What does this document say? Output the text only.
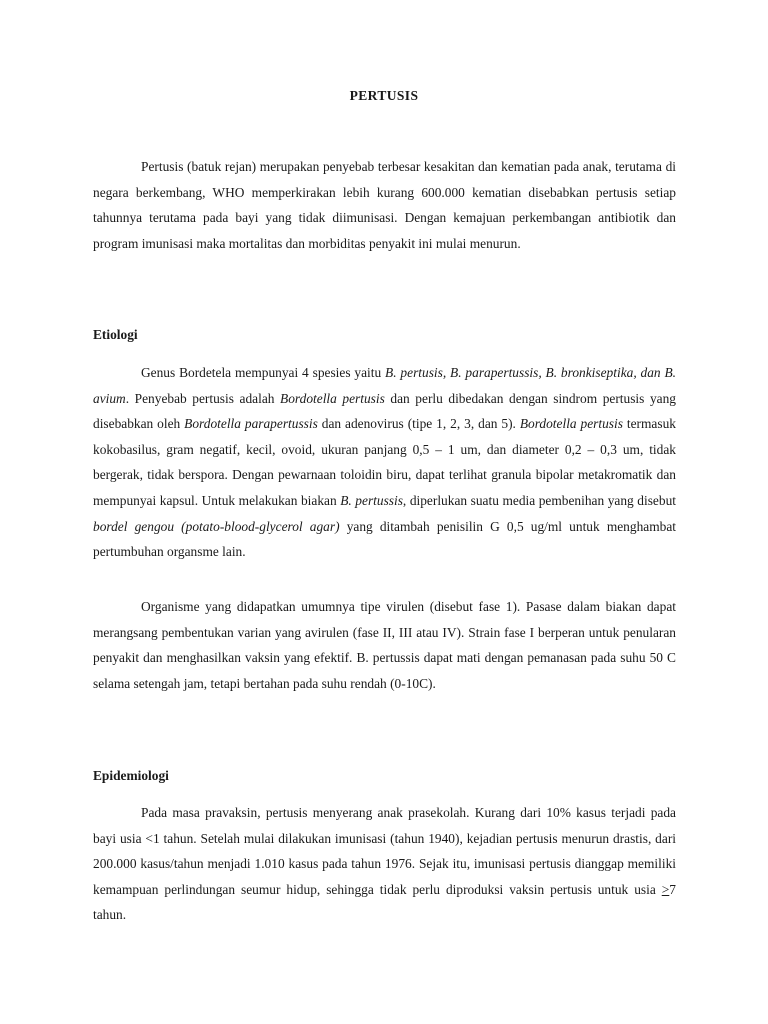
PERTUSIS

Pertusis (batuk rejan) merupakan penyebab terbesar kesakitan dan kematian pada anak, terutama di negara berkembang, WHO memperkirakan lebih kurang 600.000 kematian disebabkan pertusis setiap tahunnya terutama pada bayi yang tidak diimunisasi. Dengan kemajuan perkembangan antibiotik dan program imunisasi maka mortalitas dan morbiditas penyakit ini mulai menurun.

Etiologi

Genus Bordetela mempunyai 4 spesies yaitu B. pertusis, B. parapertussis, B. bronkiseptika, dan B. avium. Penyebab pertusis adalah Bordotella pertusis dan perlu dibedakan dengan sindrom pertusis yang disebabkan oleh Bordotella parapertussis dan adenovirus (tipe 1, 2, 3, dan 5). Bordotella pertusis termasuk kokobasilus, gram negatif, kecil, ovoid, ukuran panjang 0,5 – 1 um, dan diameter 0,2 – 0,3 um, tidak bergerak, tidak berspora. Dengan pewarnaan toloidin biru, dapat terlihat granula bipolar metakromatik dan mempunyai kapsul. Untuk melakukan biakan B. pertussis, diperlukan suatu media pembenihan yang disebut bordel gengou (potato-blood-glycerol agar) yang ditambah penisilin G 0,5 ug/ml untuk menghambat pertumbuhan organsme lain.

Organisme yang didapatkan umumnya tipe virulen (disebut fase 1). Pasase dalam biakan dapat merangsang pembentukan varian yang avirulen (fase II, III atau IV). Strain fase I berperan untuk penularan penyakit dan menghasilkan vaksin yang efektif. B. pertussis dapat mati dengan pemanasan pada suhu 50 C selama setengah jam, tetapi bertahan pada suhu rendah (0-10C).

Epidemiologi

Pada masa pravaksin, pertusis menyerang anak prasekolah. Kurang dari 10% kasus terjadi pada bayi usia <1 tahun. Setelah mulai dilakukan imunisasi (tahun 1940), kejadian pertusis menurun drastis, dari 200.000 kasus/tahun menjadi 1.010 kasus pada tahun 1976. Sejak itu, imunisasi pertusis dianggap memiliki kemampuan perlindungan seumur hidup, sehingga tidak perlu diproduksi vaksin pertusis untuk usia ≥7 tahun.
